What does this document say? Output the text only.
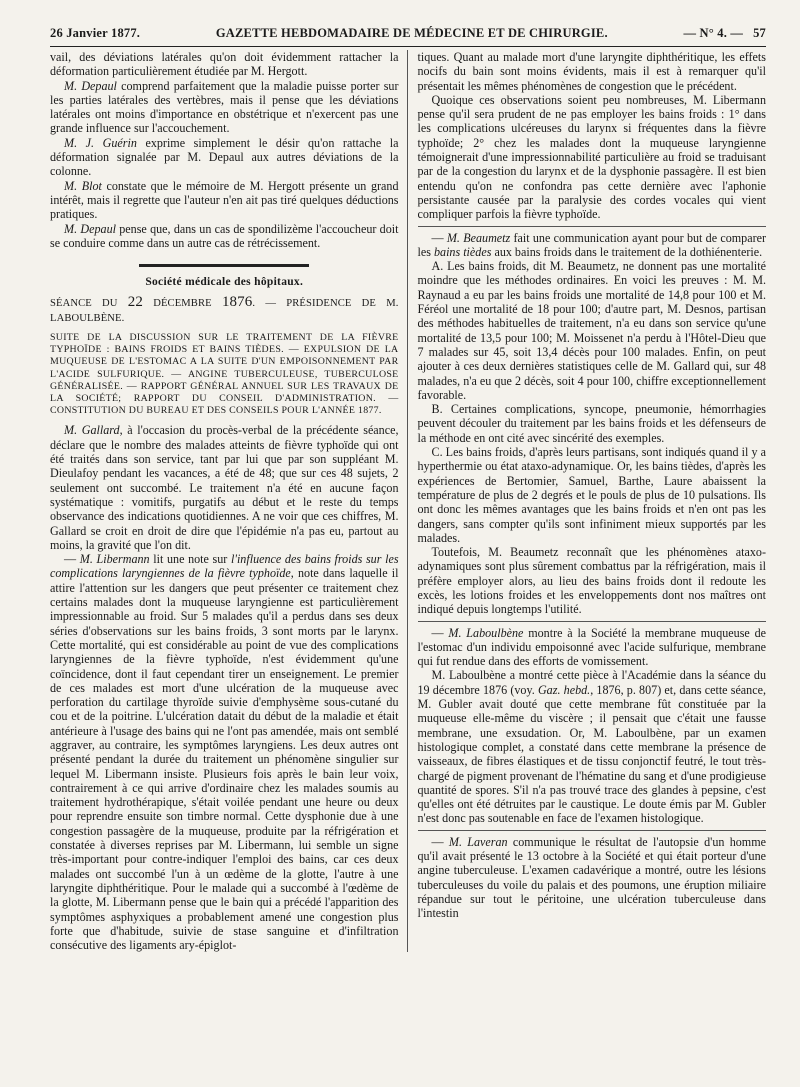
26 Janvier 1877.	GAZETTE HEBDOMADAIRE DE MÉDECINE ET DE CHIRURGIE.	— N° 4. — 57

vail, des déviations latérales qu'on doit évidemment rattacher la déformation particulièrement étudiée par M. Hergott.

M. Depaul comprend parfaitement que la maladie puisse porter sur les parties latérales des vertèbres, mais il pense que les déviations latérales ont moins d'importance en obstétrique et n'exercent pas une grande influence sur l'accouchement.

M. J. Guérin exprime simplement le désir qu'on rattache la déformation signalée par M. Depaul aux autres déviations de la colonne.

M. Blot constate que le mémoire de M. Hergott présente un grand intérêt, mais il regrette que l'auteur n'en ait pas tiré quelques déductions pratiques.

M. Depaul pense que, dans un cas de spondilizème l'accoucheur doit se conduire comme dans un autre cas de rétrécissement.

Société médicale des hôpitaux.

SÉANCE DU 22 DÉCEMBRE 1876. — PRÉSIDENCE DE M. LABOULBÈNE.

SUITE DE LA DISCUSSION SUR LE TRAITEMENT DE LA FIÈVRE TYPHOÏDE : BAINS FROIDS ET BAINS TIÈDES. — EXPULSION DE LA MUQUEUSE DE L'ESTOMAC A LA SUITE D'UN EMPOISONNEMENT PAR L'ACIDE SULFURIQUE. — ANGINE TUBERCULEUSE, TUBERCULOSE GÉNÉRALISÉE. — RAPPORT GÉNÉRAL ANNUEL SUR LES TRAVAUX DE LA SOCIÉTÉ; RAPPORT DU CONSEIL D'ADMINISTRATION. — CONSTITUTION DU BUREAU ET DES CONSEILS POUR L'ANNÉE 1877.

M. Gallard, à l'occasion du procès-verbal de la précédente séance, déclare que le nombre des malades atteints de fièvre typhoïde qui ont été traités dans son service, tant par lui que par son suppléant M. Dieulafoy pendant les vacances, a été de 48; que sur ces 48 sujets, 2 seulement ont succombé. Le traitement n'a été en aucune façon systématique : vomitifs, purgatifs au début et le reste du temps observance des indications quotidiennes. A ne voir que ces chiffres, M. Gallard se croit en droit de dire que l'épidémie n'a pas eu, partout au moins, la gravité que l'on dit.

— M. Libermann lit une note sur l'influence des bains froids sur les complications laryngiennes de la fièvre typhoïde, note dans laquelle il attire l'attention sur les dangers que peut présenter ce traitement chez certains malades dont la muqueuse laryngienne est particulièrement impressionnable au froid. Sur 5 malades qu'il a perdus dans ses deux séries d'observations sur les bains froids, 3 sont morts par le larynx. Cette mortalité, qui est considérable au point de vue des complications laryngiennes de la fièvre typhoïde, n'est évidemment qu'une coïncidence, dont il faut cependant tirer un enseignement. Le premier de ces malades est mort d'une ulcération de la muqueuse avec perforation du cartilage thyroïde suivie d'emphysème sous-cutané du cou et de la poitrine. L'ulcération datait du début de la maladie et était antérieure à l'usage des bains qui ne l'ont pas amendée, mais ont semblé aggraver, au contraire, les symptômes laryngiens. Les deux autres ont présenté pendant la durée du traitement un phénomène singulier sur lequel M. Libermann insiste. Plusieurs fois après le bain leur voix, contrairement à ce qui arrive d'ordinaire chez les malades soumis au traitement hydrothérapique, s'était voilée pendant une heure ou deux pour reprendre ensuite son timbre normal. Cette dysphonie due à une congestion passagère de la muqueuse, produite par la réfrigération et constatée à diverses reprises par M. Libermann, lui semble un signe très-important pour contre-indiquer l'emploi des bains, car ces deux malades ont succombé l'un à un œdème de la glotte, l'autre à une laryngite diphthéritique. Pour le malade qui a succombé à l'œdème de la glotte, M. Libermann pense que le bain qui a précédé l'apparition des symptômes asphyxiques a probablement amené une congestion plus forte que d'habitude, suivie de stase sanguine et d'infiltration consécutive des ligaments ary-épiglot-

tiques. Quant au malade mort d'une laryngite diphthéritique, les effets nocifs du bain sont moins évidents, mais il est à remarquer qu'il présentait les mêmes phénomènes de congestion que le précédent.

Quoique ces observations soient peu nombreuses, M. Libermann pense qu'il sera prudent de ne pas employer les bains froids : 1° dans les complications ulcéreuses du larynx si fréquentes dans la fièvre typhoïde; 2° chez les malades dont la muqueuse laryngienne témoignerait d'une impressionnabilité particulière au froid se traduisant par de la congestion du larynx et de la dysphonie passagère. Il est bien entendu qu'on ne confondra pas cette dernière avec l'aphonie persistante causée par la paralysie des cordes vocales qui vient compliquer parfois la fièvre typhoïde.

— M. Beaumetz fait une communication ayant pour but de comparer les bains tièdes aux bains froids dans le traitement de la dothiénenterie.

A. Les bains froids, dit M. Beaumetz, ne donnent pas une mortalité moindre que les méthodes ordinaires. En voici les preuves : M. M. Raynaud a eu par les bains froids une mortalité de 14,8 pour 100 et M. Féréol une mortalité de 18 pour 100; d'autre part, M. Desnos, partisan des méthodes habituelles de traitement, n'a eu dans son service qu'une mortalité de 13,5 pour 100; M. Moissenet n'a perdu à l'Hôtel-Dieu que 7 malades sur 45, soit 13,4 décès pour 100 malades. Enfin, on peut ajouter à ces deux dernières statistiques celle de M. Gallard qui, sur 48 malades, n'a eu que 2 décès, soit 4 pour 100, chiffre exceptionnellement favorable.

B. Certaines complications, syncope, pneumonie, hémorrhagies peuvent découler du traitement par les bains froids et les défenseurs de la méthode en ont cité avec sincérité des exemples.

C. Les bains froids, d'après leurs partisans, sont indiqués quand il y a hyperthermie ou état ataxo-adynamique. Or, les bains tièdes, d'après les expériences de Bertomier, Samuel, Barthe, Laure abaissent la température de plus de 2 degrés et le pouls de plus de 10 pulsations. Ils ont donc les mêmes avantages que les bains froids et n'en ont pas les dangers, sans compter qu'ils sont infiniment mieux supportés par les malades.

Toutefois, M. Beaumetz reconnaît que les phénomènes ataxo-adynamiques sont plus sûrement combattus par la réfrigération, mais il préfère employer alors, au lieu des bains froids dont il redoute les excès, les lotions froides et les enveloppements dont nos maîtres ont indiqué depuis longtemps l'utilité.

— M. Laboulbène montre à la Société la membrane muqueuse de l'estomac d'un individu empoisonné avec l'acide sulfurique, membrane qui fut rendue dans des efforts de vomissement.

M. Laboulbène a montré cette pièce à l'Académie dans la séance du 19 décembre 1876 (voy. Gaz. hebd., 1876, p. 807) et, dans cette séance, M. Gubler avait douté que cette membrane fût constituée par la muqueuse elle-même du viscère ; il pensait que c'était une fausse membrane, une exsudation. Or, M. Laboulbène, par un examen histologique complet, a constaté dans cette membrane la présence de vaisseaux, de fibres élastiques et de tissu conjonctif feutré, le tout très-chargé de pigment provenant de l'hématine du sang et d'une prodigieuse quantité de spores. S'il n'a pas trouvé trace des glandes à pepsine, c'est qu'elles ont été détruites par le caustique. Le doute émis par M. Gubler n'est donc pas soutenable en face de l'examen histologique.

— M. Laveran communique le résultat de l'autopsie d'un homme qu'il avait présenté le 13 octobre à la Société et qui était porteur d'une angine tuberculeuse. L'examen cadavérique a montré, outre les lésions tuberculeuses du voile du palais et des poumons, une éruption miliaire répandue sur tout le péritoine, une ulcération tuberculeuse dans l'intestin
